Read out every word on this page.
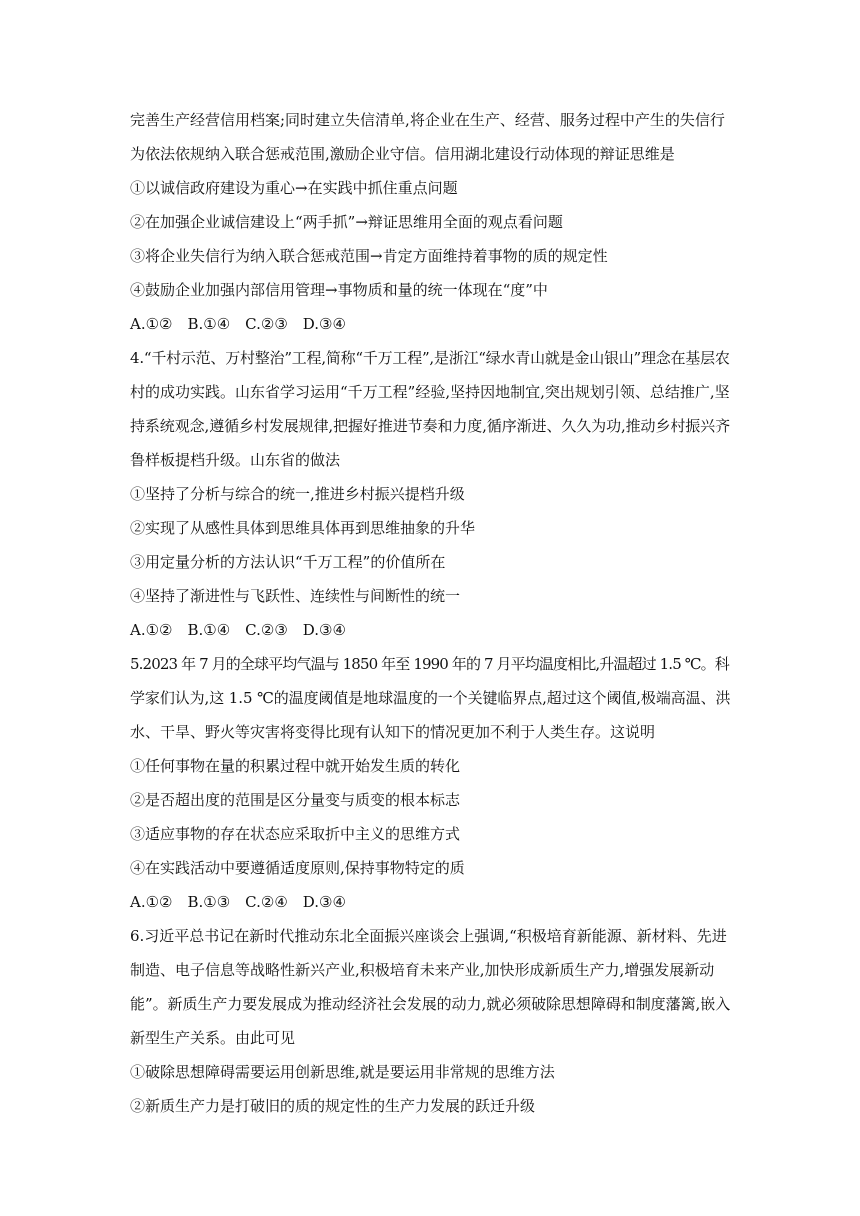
完善生产经营信用档案;同时建立失信清单,将企业在生产、经营、服务过程中产生的失信行
为依法依规纳入联合惩戒范围,激励企业守信。信用湖北建设行动体现的辩证思维是
①以诚信政府建设为重心→在实践中抓住重点问题
②在加强企业诚信建设上“两手抓”→辩证思维用全面的观点看问题
③将企业失信行为纳入联合惩戒范围→肯定方面维持着事物的质的规定性
④鼓励企业加强内部信用管理→事物质和量的统一体现在“度”中
A.①②　B.①④　C.②③　D.③④
4.“千村示范、万村整治”工程,简称“千万工程”,是浙江“绿水青山就是金山银山”理念在基层农
村的成功实践。山东省学习运用“千万工程”经验,坚持因地制宜,突出规划引领、总结推广,坚
持系统观念,遵循乡村发展规律,把握好推进节奏和力度,循序渐进、久久为功,推动乡村振兴齐
鲁样板提档升级。山东省的做法
①坚持了分析与综合的统一,推进乡村振兴提档升级
②实现了从感性具体到思维具体再到思维抽象的升华
③用定量分析的方法认识“千万工程”的价值所在
④坚持了渐进性与飞跃性、连续性与间断性的统一
A.①②　B.①④　C.②③　D.③④
5.2023 年 7 月的全球平均气温与 1850 年至 1990 年的 7 月平均温度相比,升温超过 1.5 ℃。科
学家们认为,这 1.5 ℃的温度阈值是地球温度的一个关键临界点,超过这个阈值,极端高温、洪
水、干旱、野火等灾害将变得比现有认知下的情况更加不利于人类生存。这说明
①任何事物在量的积累过程中就开始发生质的转化
②是否超出度的范围是区分量变与质变的根本标志
③适应事物的存在状态应采取折中主义的思维方式
④在实践活动中要遵循适度原则,保持事物特定的质
A.①②　B.①③　C.②④　D.③④
6.习近平总书记在新时代推动东北全面振兴座谈会上强调,“积极培育新能源、新材料、先进
制造、电子信息等战略性新兴产业,积极培育未来产业,加快形成新质生产力,增强发展新动
能”。新质生产力要发展成为推动经济社会发展的动力,就必须破除思想障碍和制度藩篱,嵌入
新型生产关系。由此可见
①破除思想障碍需要运用创新思维,就是要运用非常规的思维方法
②新质生产力是打破旧的质的规定性的生产力发展的跃迁升级
